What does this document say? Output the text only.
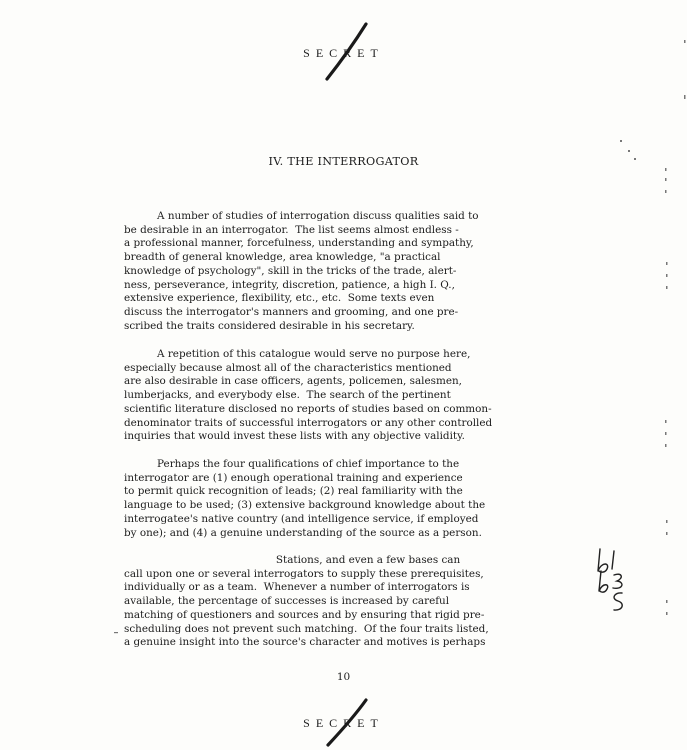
SECRET
IV. THE INTERROGATOR
A number of studies of interrogation discuss qualities said to
be desirable in an interrogator.  The list seems almost endless -
a professional manner, forcefulness, understanding and sympathy,
breadth of general knowledge, area knowledge, "a practical
knowledge of psychology", skill in the tricks of the trade, alert-
ness, perseverance, integrity, discretion, patience, a high I. Q.,
extensive experience, flexibility, etc., etc.  Some texts even
discuss the interrogator's manners and grooming, and one pre-
scribed the traits considered desirable in his secretary.
A repetition of this catalogue would serve no purpose here,
especially because almost all of the characteristics mentioned
are also desirable in case officers, agents, policemen, salesmen,
lumberjacks, and everybody else.  The search of the pertinent
scientific literature disclosed no reports of studies based on common-
denominator traits of successful interrogators or any other controlled
inquiries that would invest these lists with any objective validity.
Perhaps the four qualifications of chief importance to the
interrogator are (1) enough operational training and experience
to permit quick recognition of leads; (2) real familiarity with the
language to be used; (3) extensive background knowledge about the
interrogatee's native country (and intelligence service, if employed
by one); and (4) a genuine understanding of the source as a person.
Stations, and even a few bases can
call upon one or several interrogators to supply these prerequisites,
individually or as a team.  Whenever a number of interrogators is
available, the percentage of successes is increased by careful
matching of questioners and sources and by ensuring that rigid pre-
scheduling does not prevent such matching.  Of the four traits listed,
a genuine insight into the source's character and motives is perhaps
10
SECRET
